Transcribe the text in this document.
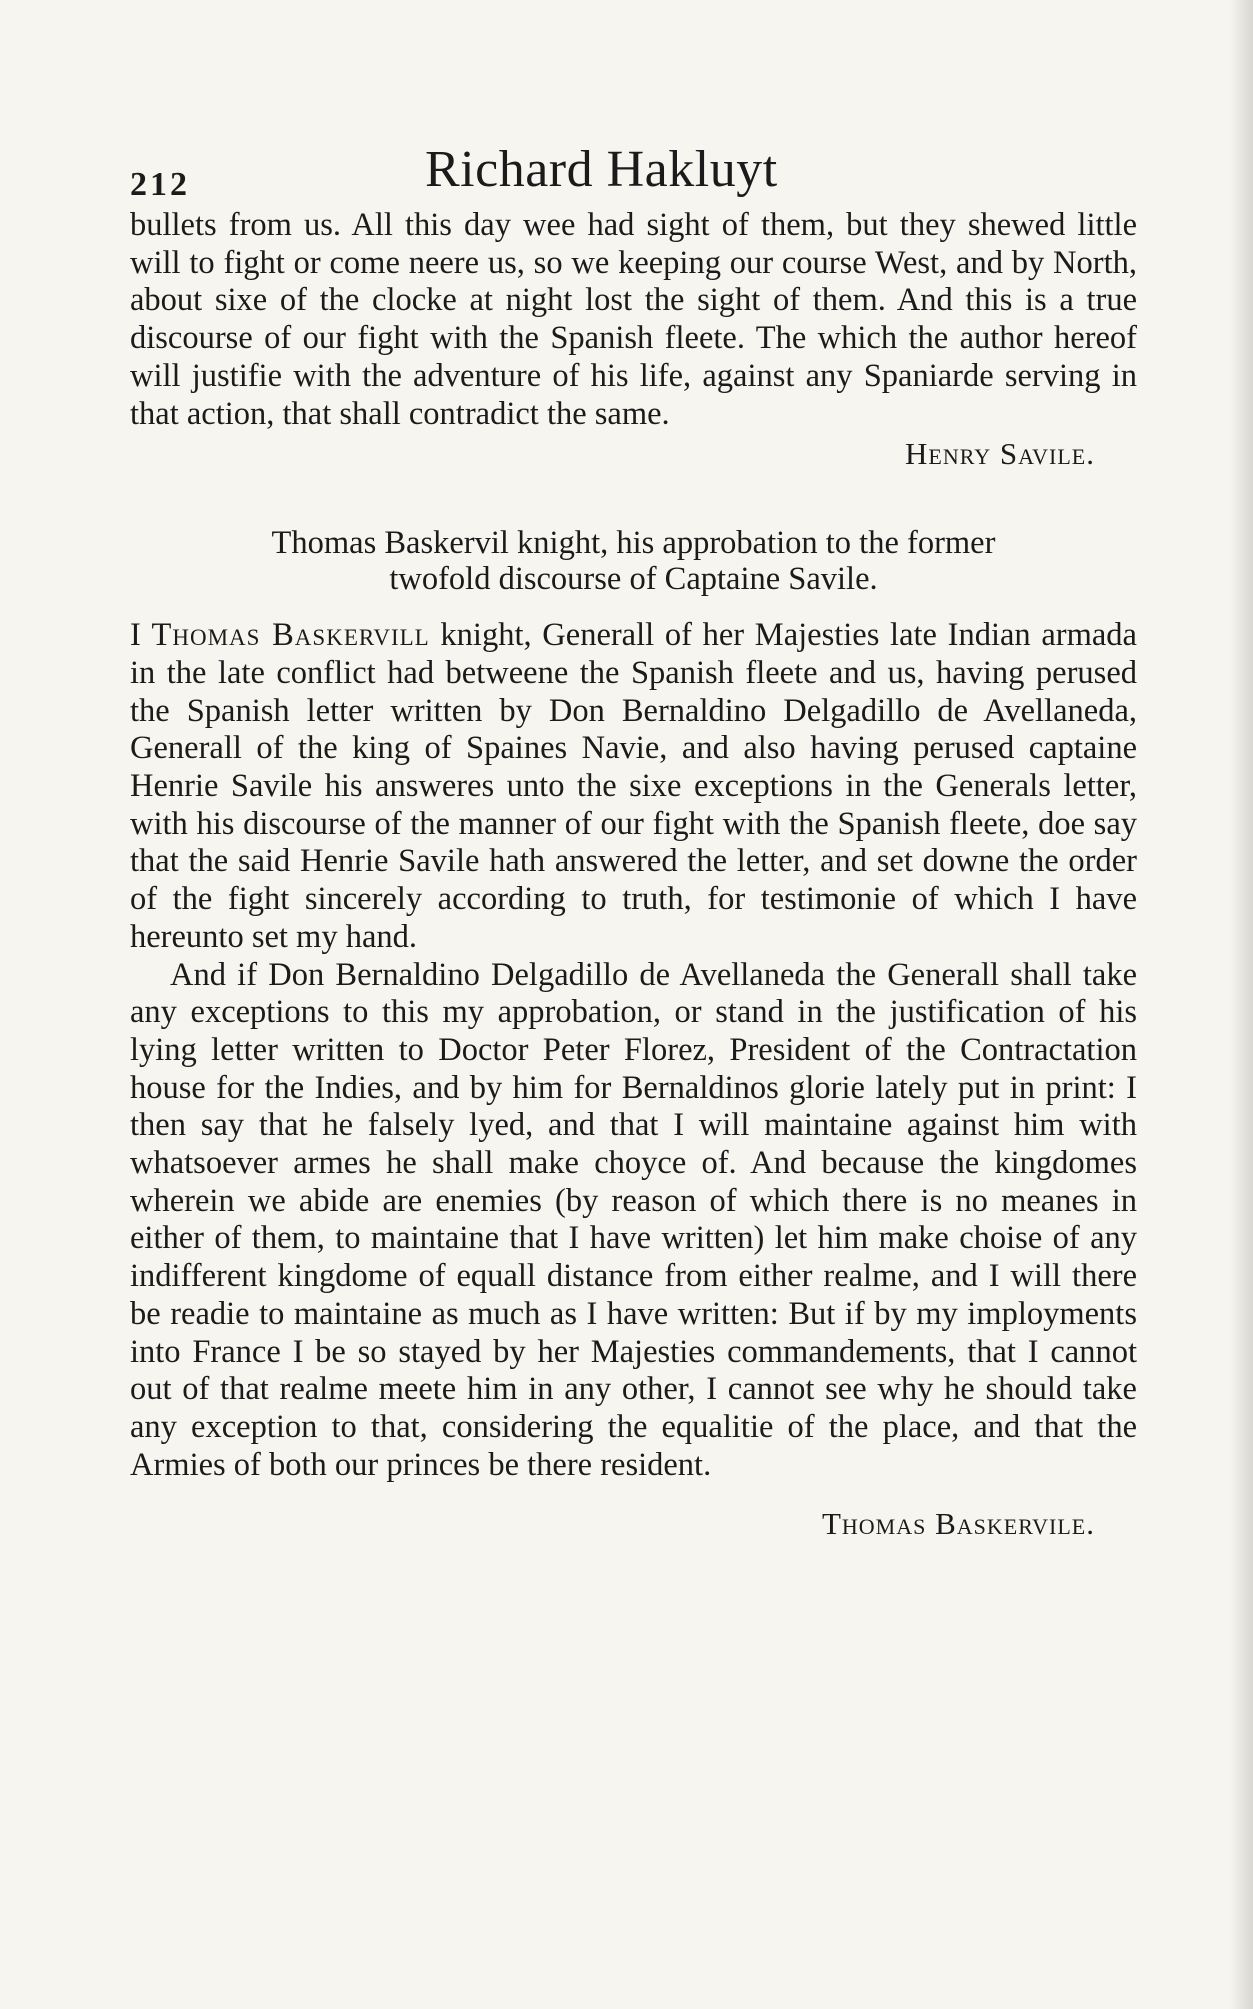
212	Richard Hakluyt

bullets from us. All this day wee had sight of them, but they shewed little will to fight or come neere us, so we keeping our course West, and by North, about sixe of the clocke at night lost the sight of them. And this is a true discourse of our fight with the Spanish fleete. The which the author hereof will justifie with the adventure of his life, against any Spaniarde serving in that action, that shall contradict the same.

Henry Savile.
Thomas Baskervil knight, his approbation to the former
twofold discourse of Captaine Savile.

I Thomas Baskervill knight, Generall of her Majesties late Indian armada in the late conflict had betweene the Spanish fleete and us, having perused the Spanish letter written by Don Bernaldino Delgadillo de Avellaneda, Generall of the king of Spaines Navie, and also having perused captaine Henrie Savile his answeres unto the sixe exceptions in the Generals letter, with his discourse of the manner of our fight with the Spanish fleete, doe say that the said Henrie Savile hath answered the letter, and set downe the order of the fight sincerely according to truth, for testimonie of which I have hereunto set my hand.

And if Don Bernaldino Delgadillo de Avellaneda the Generall shall take any exceptions to this my approbation, or stand in the justification of his lying letter written to Doctor Peter Florez, President of the Contractation house for the Indies, and by him for Bernaldinos glorie lately put in print: I then say that he falsely lyed, and that I will maintaine against him with whatsoever armes he shall make choyce of. And because the kingdomes wherein we abide are enemies (by reason of which there is no meanes in either of them, to maintaine that I have written) let him make choise of any indifferent kingdome of equall distance from either realme, and I will there be readie to maintaine as much as I have written: But if by my imployments into France I be so stayed by her Majesties commandements, that I cannot out of that realme meete him in any other, I cannot see why he should take any exception to that, considering the equalitie of the place, and that the Armies of both our princes be there resident.

Thomas Baskervile.
